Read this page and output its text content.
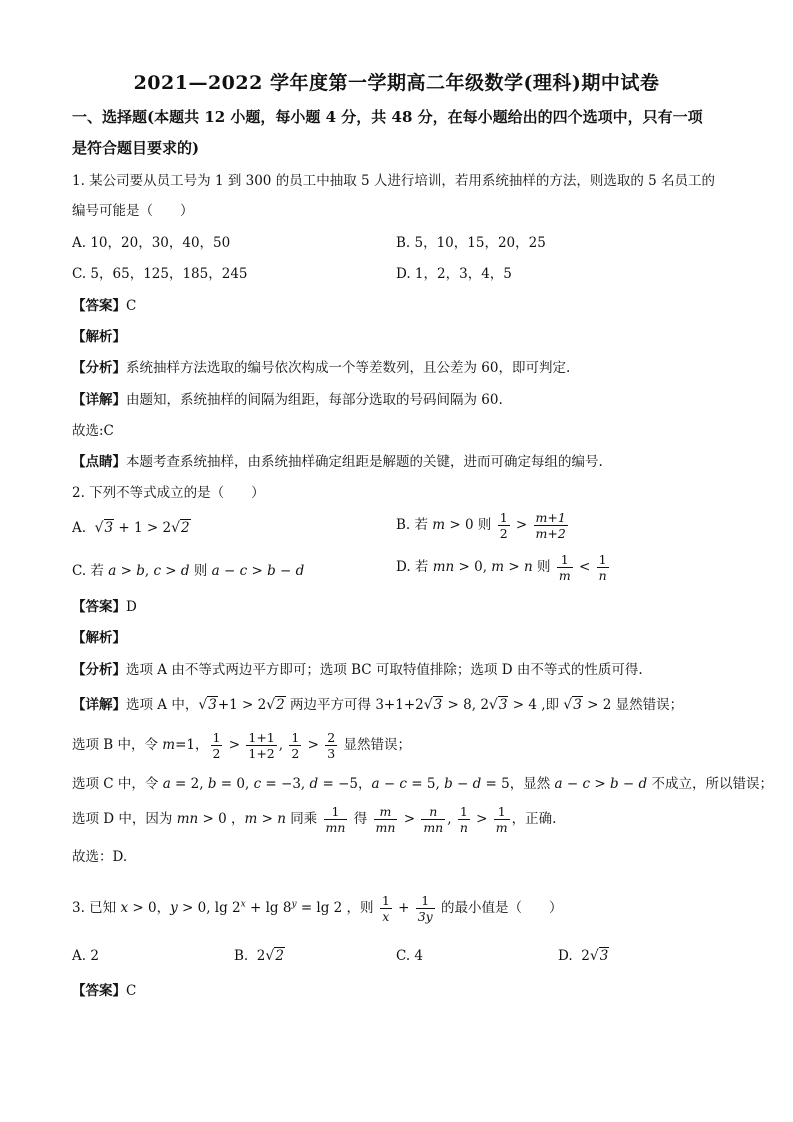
2021—2022 学年度第一学期高二年级数学(理科)期中试卷
一、选择题(本题共 12 小题，每小题 4 分，共 48 分，在每小题给出的四个选项中，只有一项
是符合题目要求的)
1. 某公司要从员工号为 1 到 300 的员工中抽取 5 人进行培训，若用系统抽样的方法，则选取的 5 名员工的
编号可能是（　　）
A. 10，20，30，40，50	B. 5，10，15，20，25
C. 5，65，125，185，245	D. 1，2，3，4，5
【答案】C
【解析】
【分析】系统抽样方法选取的编号依次构成一个等差数列，且公差为 60，即可判定.
【详解】由题知，系统抽样的间隔为组距，每部分选取的号码间隔为 60.
故选:C
【点睛】本题考查系统抽样，由系统抽样确定组距是解题的关键，进而可确定每组的编号.
2. 下列不等式成立的是（　　）
A.  √3 + 1 > 2√2	B. 若 m > 0 则 $\frac{1}{2} > \frac{m+1}{m+2}$
C. 若 a > b, c > d 则 a − c > b − d	D. 若 mn > 0, m > n 则 $\frac{1}{m} < \frac{1}{n}$
【答案】D
【解析】
【分析】选项 A 由不等式两边平方即可；选项 BC 可取特值排除；选项 D 由不等式的性质可得.
【详解】选项 A 中，√3+1 > 2√2 两边平方可得 3+1+2√3 > 8, 2√3 > 4 ,即 √3 > 2 显然错误；
选项 B 中，令 m=1， $\frac{1}{2} > \frac{1+1}{1+2}$ , $\frac{1}{2} > \frac{2}{3}$ 显然错误；
选项 C 中，令 a = 2, b = 0, c = −3, d = −5，a − c = 5, b − d = 5，显然 a − c > b − d 不成立，所以错误；
选项 D 中，因为 mn > 0 ，m > n 同乘 $\frac{1}{mn}$ 得 $\frac{m}{mn} > \frac{n}{mn}$ , $\frac{1}{n} > \frac{1}{m}$ ，正确.
故选：D.
3. 已知 x > 0，y > 0, $\lg 2^x + \lg 8^y = \lg 2$ ，则 $\frac{1}{x} + \frac{1}{3y}$ 的最小值是（　　）
A. 2	B.  2√2	C. 4	D.  2√3
【答案】C
